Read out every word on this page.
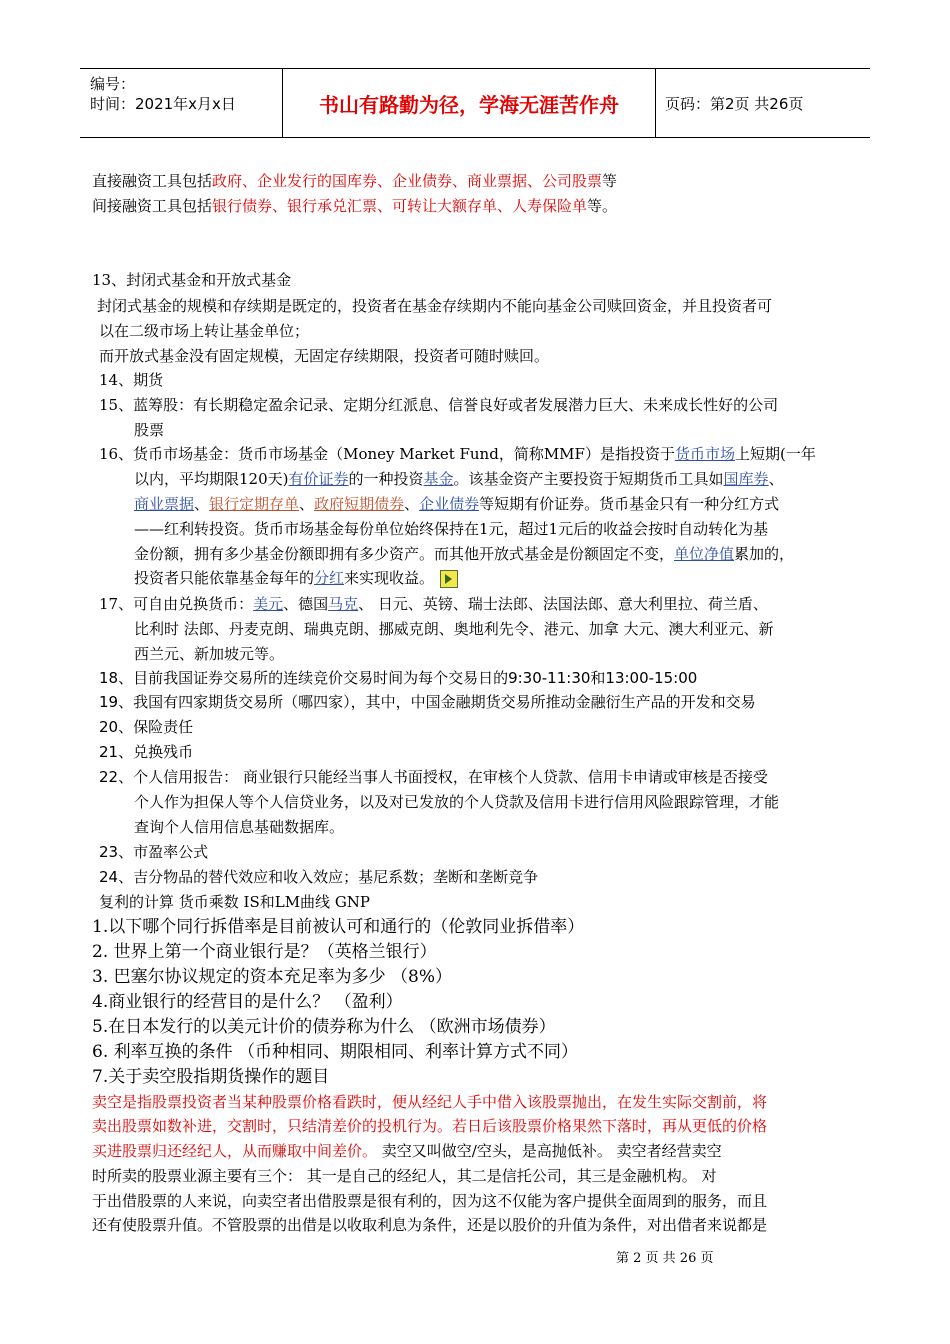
编号：
时间：2021年x月x日	书山有路勤为径，学海无涯苦作舟	页码：第2页 共26页
直接融资工具包括政府、企业发行的国库券、企业债券、商业票据、公司股票等
间接融资工具包括银行债券、银行承兑汇票、可转让大额存单、人寿保险单等。
13、封闭式基金和开放式基金
封闭式基金的规模和存续期是既定的，投资者在基金存续期内不能向基金公司赎回资金，并且投资者可
以在二级市场上转让基金单位；
而开放式基金没有固定规模，无固定存续期限，投资者可随时赎回。
14、期货
15、蓝筹股：有长期稳定盈余记录、定期分红派息、信誉良好或者发展潜力巨大、未来成长性好的公司
股票
16、货币市场基金：货币市场基金（Money Market Fund，简称MMF）是指投资于货币市场上短期(一年
以内，平均期限120天)有价证券的一种投资基金。该基金资产主要投资于短期货币工具如国库券、
商业票据、银行定期存单、政府短期债券、企业债券等短期有价证券。货币基金只有一种分红方式
——红利转投资。货币市场基金每份单位始终保持在1元，超过1元后的收益会按时自动转化为基
金份额，拥有多少基金份额即拥有多少资产。而其他开放式基金是份额固定不变，单位净值累加的，
投资者只能依靠基金每年的分红来实现收益。
17、可自由兑换货币：美元、德国马克、 日元、英镑、瑞士法郎、法国法郎、意大利里拉、荷兰盾、
比利时 法郎、丹麦克朗、瑞典克朗、挪威克朗、奥地利先令、港元、加拿 大元、澳大利亚元、新
西兰元、新加坡元等。
18、目前我国证券交易所的连续竞价交易时间为每个交易日的9:30-11:30和13:00-15:00
19、我国有四家期货交易所（哪四家），其中，中国金融期货交易所推动金融衍生产品的开发和交易
20、保险责任
21、兑换残币
22、个人信用报告： 商业银行只能经当事人书面授权，在审核个人贷款、信用卡申请或审核是否接受
个人作为担保人等个人信贷业务，以及对已发放的个人贷款及信用卡进行信用风险跟踪管理，才能
查询个人信用信息基础数据库。
23、市盈率公式
24、吉分物品的替代效应和收入效应；基尼系数；垄断和垄断竞争
复利的计算 货币乘数 IS和LM曲线 GNP
1.以下哪个同行拆借率是目前被认可和通行的（伦敦同业拆借率）
2. 世界上第一个商业银行是？（英格兰银行）
3. 巴塞尔协议规定的资本充足率为多少 （8%）
4.商业银行的经营目的是什么？ （盈利）
5.在日本发行的以美元计价的债券称为什么 （欧洲市场债券）
6. 利率互换的条件 （币种相同、期限相同、利率计算方式不同）
7.关于卖空股指期货操作的题目
卖空是指股票投资者当某种股票价格看跌时，便从经纪人手中借入该股票抛出，在发生实际交割前，将
卖出股票如数补进，交割时，只结清差价的投机行为。若日后该股票价格果然下落时，再从更低的价格
买进股票归还经纪人，从而赚取中间差价。 卖空又叫做空/空头，是高抛低补。 卖空者经营卖空
时所卖的股票业源主要有三个： 其一是自己的经纪人，其二是信托公司，其三是金融机构。 对
于出借股票的人来说，向卖空者出借股票是很有利的，因为这不仅能为客户提供全面周到的服务，而且
还有使股票升值。不管股票的出借是以收取利息为条件，还是以股价的升值为条件，对出借者来说都是
第 2 页 共 26 页
